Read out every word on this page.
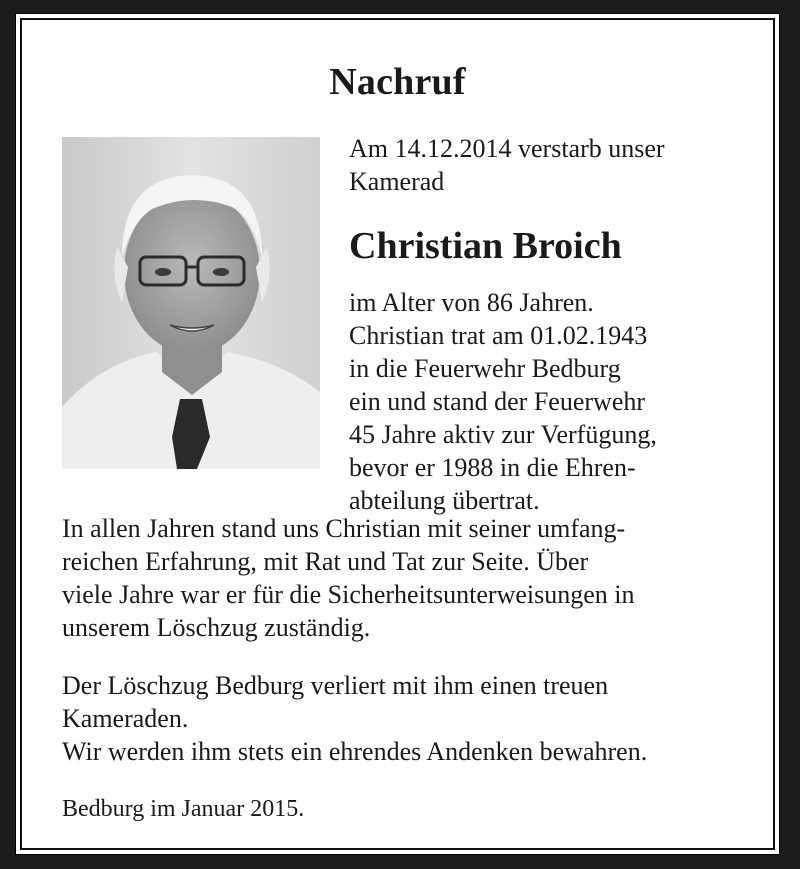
Nachruf
Am 14.12.2014 verstarb unser
Kamerad
Christian Broich
im Alter von 86 Jahren.
Christian trat am 01.02.1943
in die Feuerwehr Bedburg
ein und stand der Feuerwehr
45 Jahre aktiv zur Verfügung,
bevor er 1988 in die Ehren-
abteilung übertrat.
In allen Jahren stand uns Christian mit seiner umfang-
reichen Erfahrung, mit Rat und Tat zur Seite. Über
viele Jahre war er für die Sicherheitsunterweisungen in
unserem Löschzug zuständig.
Der Löschzug Bedburg verliert mit ihm einen treuen
Kameraden.
Wir werden ihm stets ein ehrendes Andenken bewahren.
Bedburg im Januar 2015.
